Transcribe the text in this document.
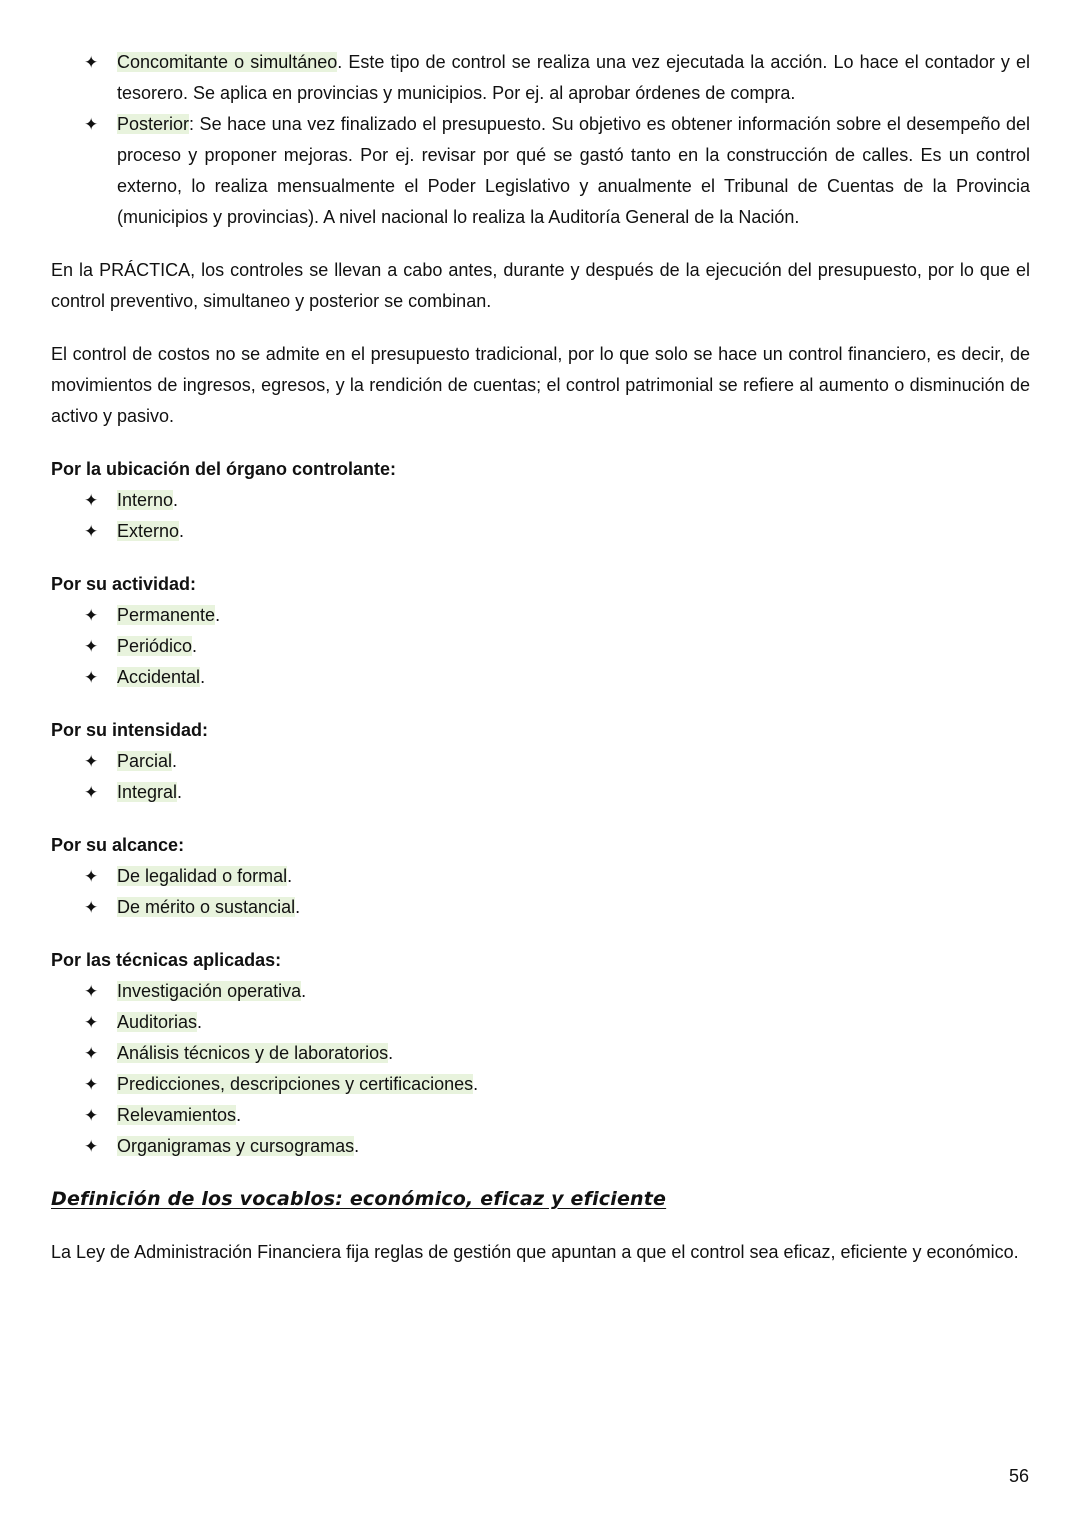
✦ Concomitante o simultáneo. Este tipo de control se realiza una vez ejecutada la acción. Lo hace el contador y el tesorero. Se aplica en provincias y municipios. Por ej. al aprobar órdenes de compra.
✦ Posterior: Se hace una vez finalizado el presupuesto. Su objetivo es obtener información sobre el desempeño del proceso y proponer mejoras. Por ej. revisar por qué se gastó tanto en la construcción de calles. Es un control externo, lo realiza mensualmente el Poder Legislativo y anualmente el Tribunal de Cuentas de la Provincia (municipios y provincias). A nivel nacional lo realiza la Auditoría General de la Nación.

En la PRÁCTICA, los controles se llevan a cabo antes, durante y después de la ejecución del presupuesto, por lo que el control preventivo, simultaneo y posterior se combinan.

El control de costos no se admite en el presupuesto tradicional, por lo que solo se hace un control financiero, es decir, de movimientos de ingresos, egresos, y la rendición de cuentas; el control patrimonial se refiere al aumento o disminución de activo y pasivo.

Por la ubicación del órgano controlante:
✦ Interno.
✦ Externo.
Por su actividad:
✦ Permanente.
✦ Periódico.
✦ Accidental.
Por su intensidad:
✦ Parcial.
✦ Integral.
Por su alcance:
✦ De legalidad o formal.
✦ De mérito o sustancial.
Por las técnicas aplicadas:
✦ Investigación operativa.
✦ Auditorias.
✦ Análisis técnicos y de laboratorios.
✦ Predicciones, descripciones y certificaciones.
✦ Relevamientos.
✦ Organigramas y cursogramas.
Definición de los vocablos: económico, eficaz y eficiente

La Ley de Administración Financiera fija reglas de gestión que apuntan a que el control sea eficaz, eficiente y económico.

56
